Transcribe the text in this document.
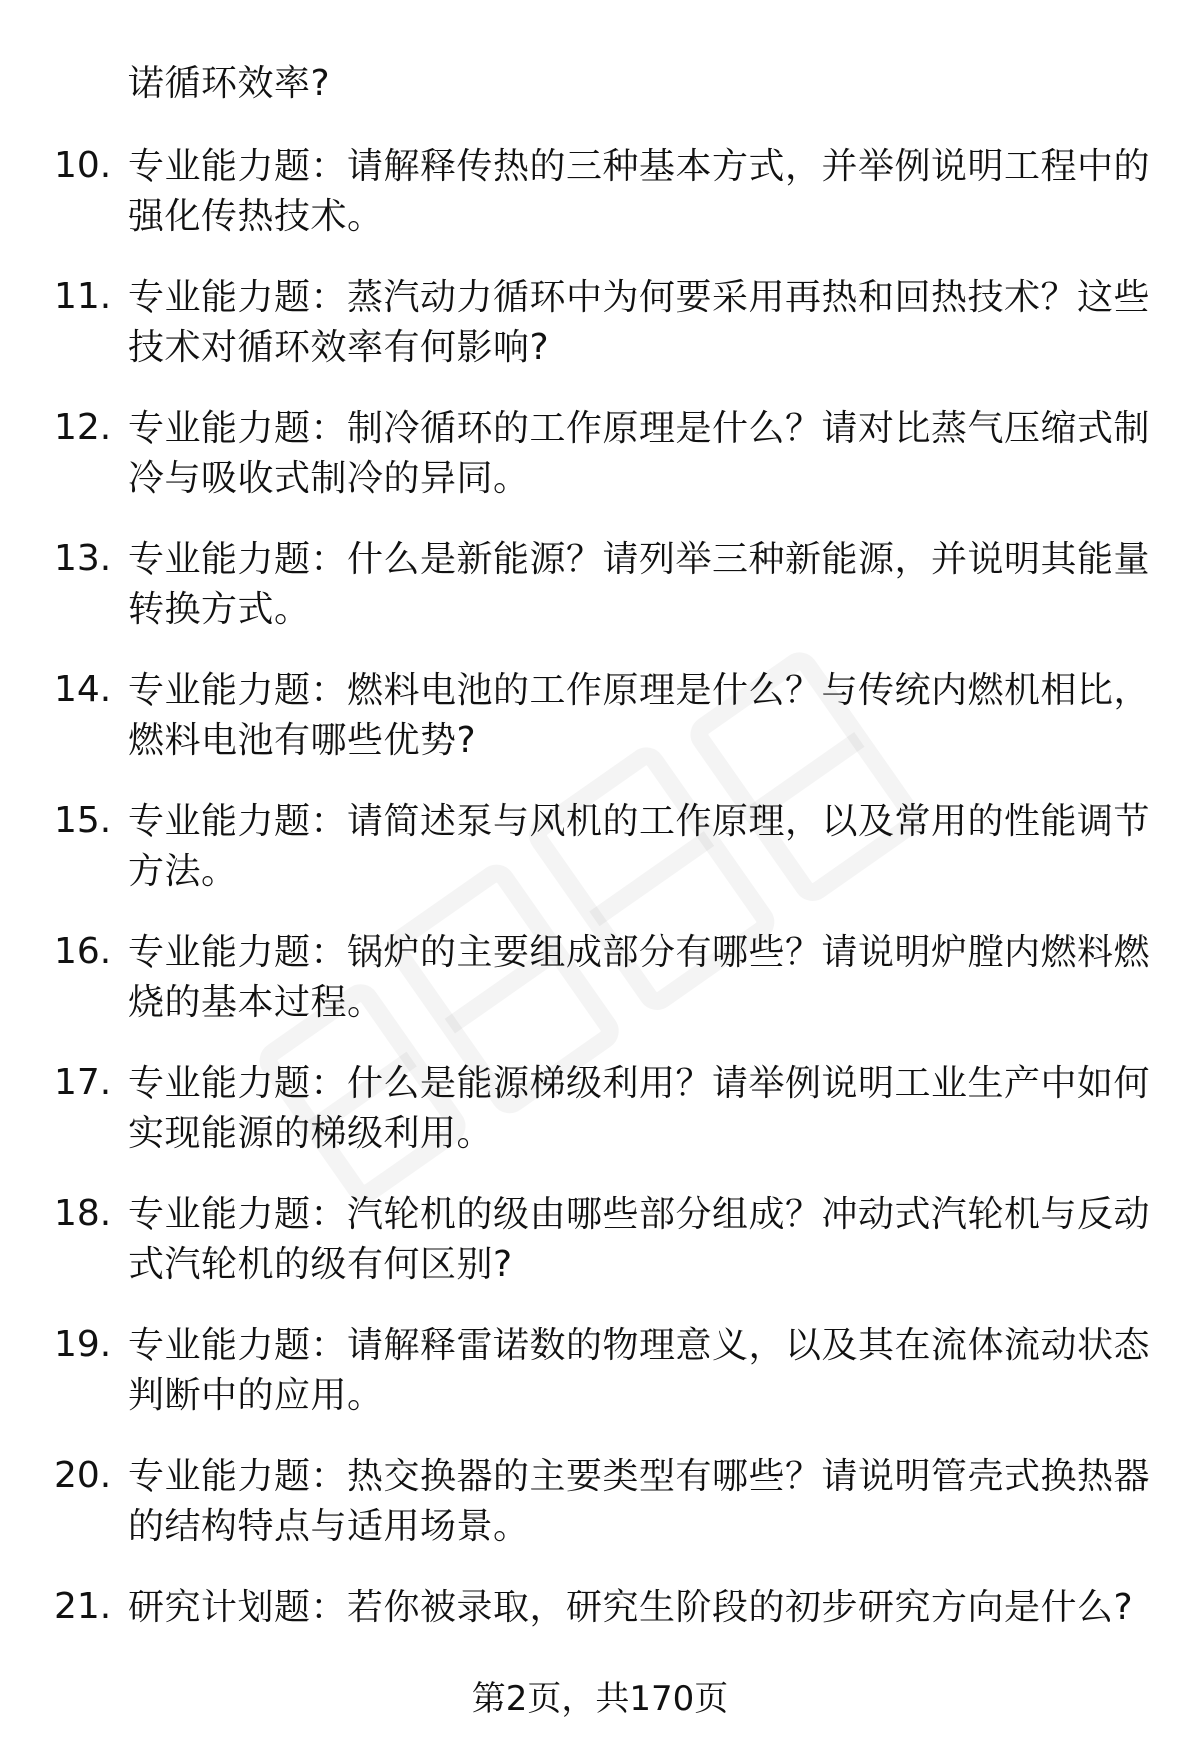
诺循环效率?
10. 专业能力题：请解释传热的三种基本方式，并举例说明工程中的
强化传热技术。
11. 专业能力题：蒸汽动力循环中为何要采用再热和回热技术？这些
技术对循环效率有何影响?
12. 专业能力题：制冷循环的工作原理是什么？请对比蒸气压缩式制
冷与吸收式制冷的异同。
13. 专业能力题：什么是新能源？请列举三种新能源，并说明其能量
转换方式。
14. 专业能力题：燃料电池的工作原理是什么？与传统内燃机相比，
燃料电池有哪些优势?
15. 专业能力题：请简述泵与风机的工作原理，以及常用的性能调节
方法。
16. 专业能力题：锅炉的主要组成部分有哪些？请说明炉膛内燃料燃
烧的基本过程。
17. 专业能力题：什么是能源梯级利用？请举例说明工业生产中如何
实现能源的梯级利用。
18. 专业能力题：汽轮机的级由哪些部分组成？冲动式汽轮机与反动
式汽轮机的级有何区别?
19. 专业能力题：请解释雷诺数的物理意义，以及其在流体流动状态
判断中的应用。
20. 专业能力题：热交换器的主要类型有哪些？请说明管壳式换热器
的结构特点与适用场景。
21. 研究计划题：若你被录取，研究生阶段的初步研究方向是什么?
第2页，共170页
